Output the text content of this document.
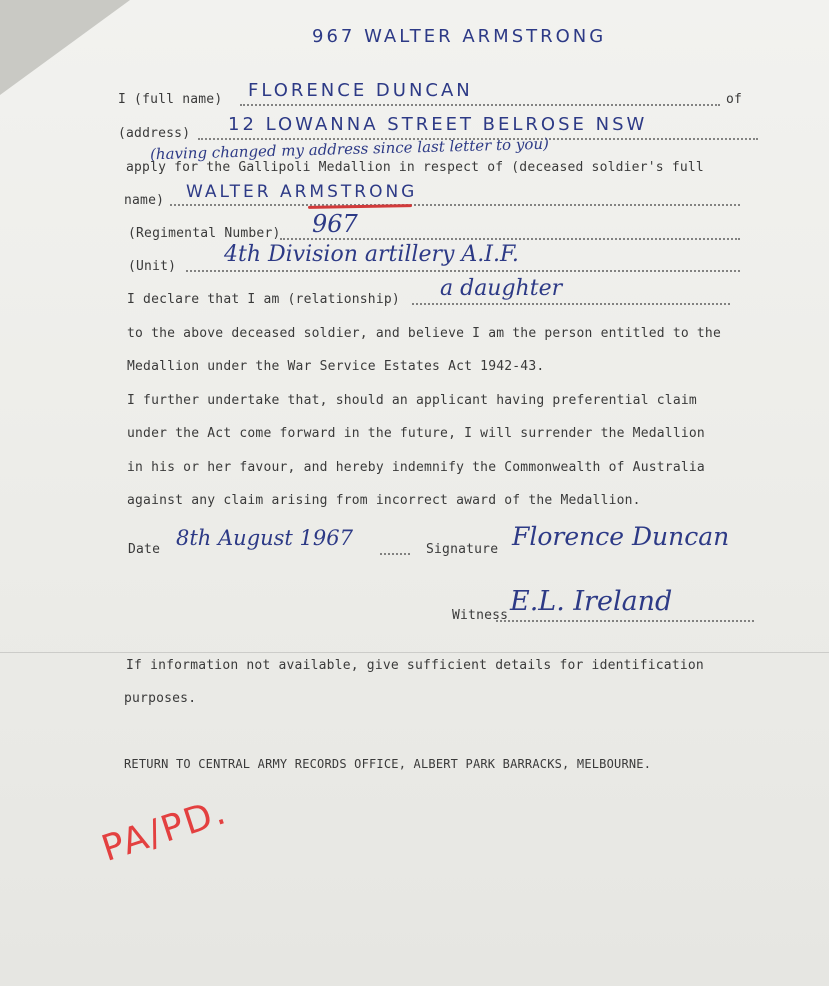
967 WALTER ARMSTRONG
I (full name)	of
FLORENCE DUNCAN
(address) 12 LOWANNA STREET BELROSE NSW
(having changed my address since last letter to you)
apply for the Gallipoli Medallion in respect of (deceased soldier's full
name) WALTER ARMSTRONG
(Regimental Number) 967
(Unit) 4th Division artillery A.I.F.
I declare that I am (relationship) a daughter
to the above deceased soldier, and believe I am the person entitled to the
Medallion under the War Service Estates Act 1942-43.
I further undertake that, should an applicant having preferential claim
under the Act come forward in the future, I will surrender the Medallion
in his or her favour, and hereby indemnify the Commonwealth of Australia
against any claim arising from incorrect award of the Medallion.
Date 8th August 1967	Signature Florence Duncan
Witness E.L. Ireland
If information not available, give sufficient details for identification
purposes.
RETURN TO CENTRAL ARMY RECORDS OFFICE, ALBERT PARK BARRACKS, MELBOURNE.
PA/PD.
